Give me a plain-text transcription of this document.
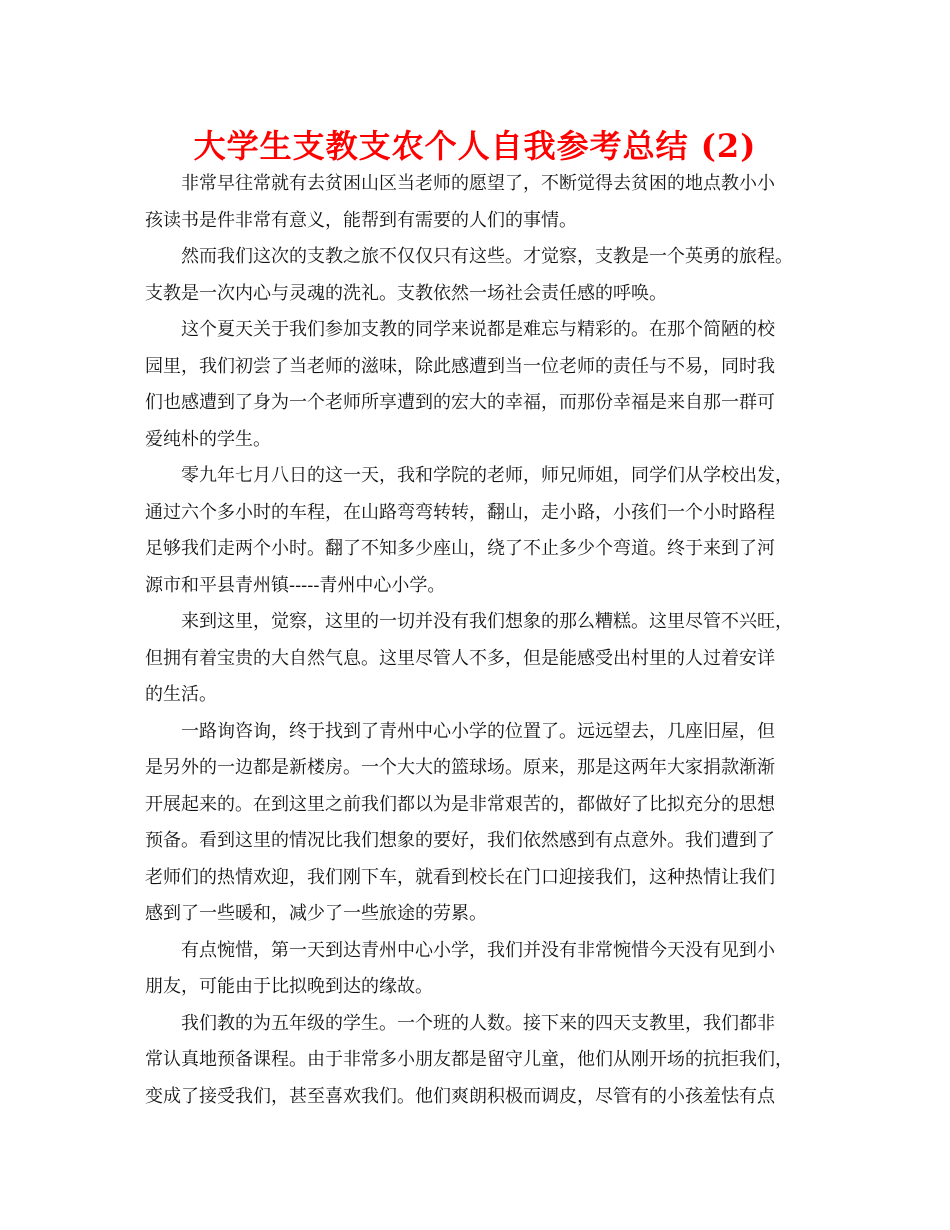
大学生支教支农个人自我参考总结 (2)

非常早往常就有去贫困山区当老师的愿望了，不断觉得去贫困的地点教小小
孩读书是件非常有意义，能帮到有需要的人们的事情。

然而我们这次的支教之旅不仅仅只有这些。才觉察，支教是一个英勇的旅程。
支教是一次内心与灵魂的洗礼。支教依然一场社会责任感的呼唤。

这个夏天关于我们参加支教的同学来说都是难忘与精彩的。在那个简陋的校
园里，我们初尝了当老师的滋味，除此感遭到当一位老师的责任与不易，同时我
们也感遭到了身为一个老师所享遭到的宏大的幸福，而那份幸福是来自那一群可
爱纯朴的学生。

零九年七月八日的这一天，我和学院的老师，师兄师姐，同学们从学校出发，
通过六个多小时的车程，在山路弯弯转转，翻山，走小路，小孩们一个小时路程
足够我们走两个小时。翻了不知多少座山，绕了不止多少个弯道。终于来到了河
源市和平县青州镇-----青州中心小学。

来到这里，觉察，这里的一切并没有我们想象的那么糟糕。这里尽管不兴旺，
但拥有着宝贵的大自然气息。这里尽管人不多，但是能感受出村里的人过着安详
的生活。

一路询咨询，终于找到了青州中心小学的位置了。远远望去，几座旧屋，但
是另外的一边都是新楼房。一个大大的篮球场。原来，那是这两年大家捐款渐渐
开展起来的。在到这里之前我们都以为是非常艰苦的，都做好了比拟充分的思想
预备。看到这里的情况比我们想象的要好，我们依然感到有点意外。我们遭到了
老师们的热情欢迎，我们刚下车，就看到校长在门口迎接我们，这种热情让我们
感到了一些暖和，减少了一些旅途的劳累。

有点惋惜，第一天到达青州中心小学，我们并没有非常惋惜今天没有见到小
朋友，可能由于比拟晚到达的缘故。

我们教的为五年级的学生。一个班的人数。接下来的四天支教里，我们都非
常认真地预备课程。由于非常多小朋友都是留守儿童，他们从刚开场的抗拒我们，
变成了接受我们，甚至喜欢我们。他们爽朗积极而调皮，尽管有的小孩羞怯有点
